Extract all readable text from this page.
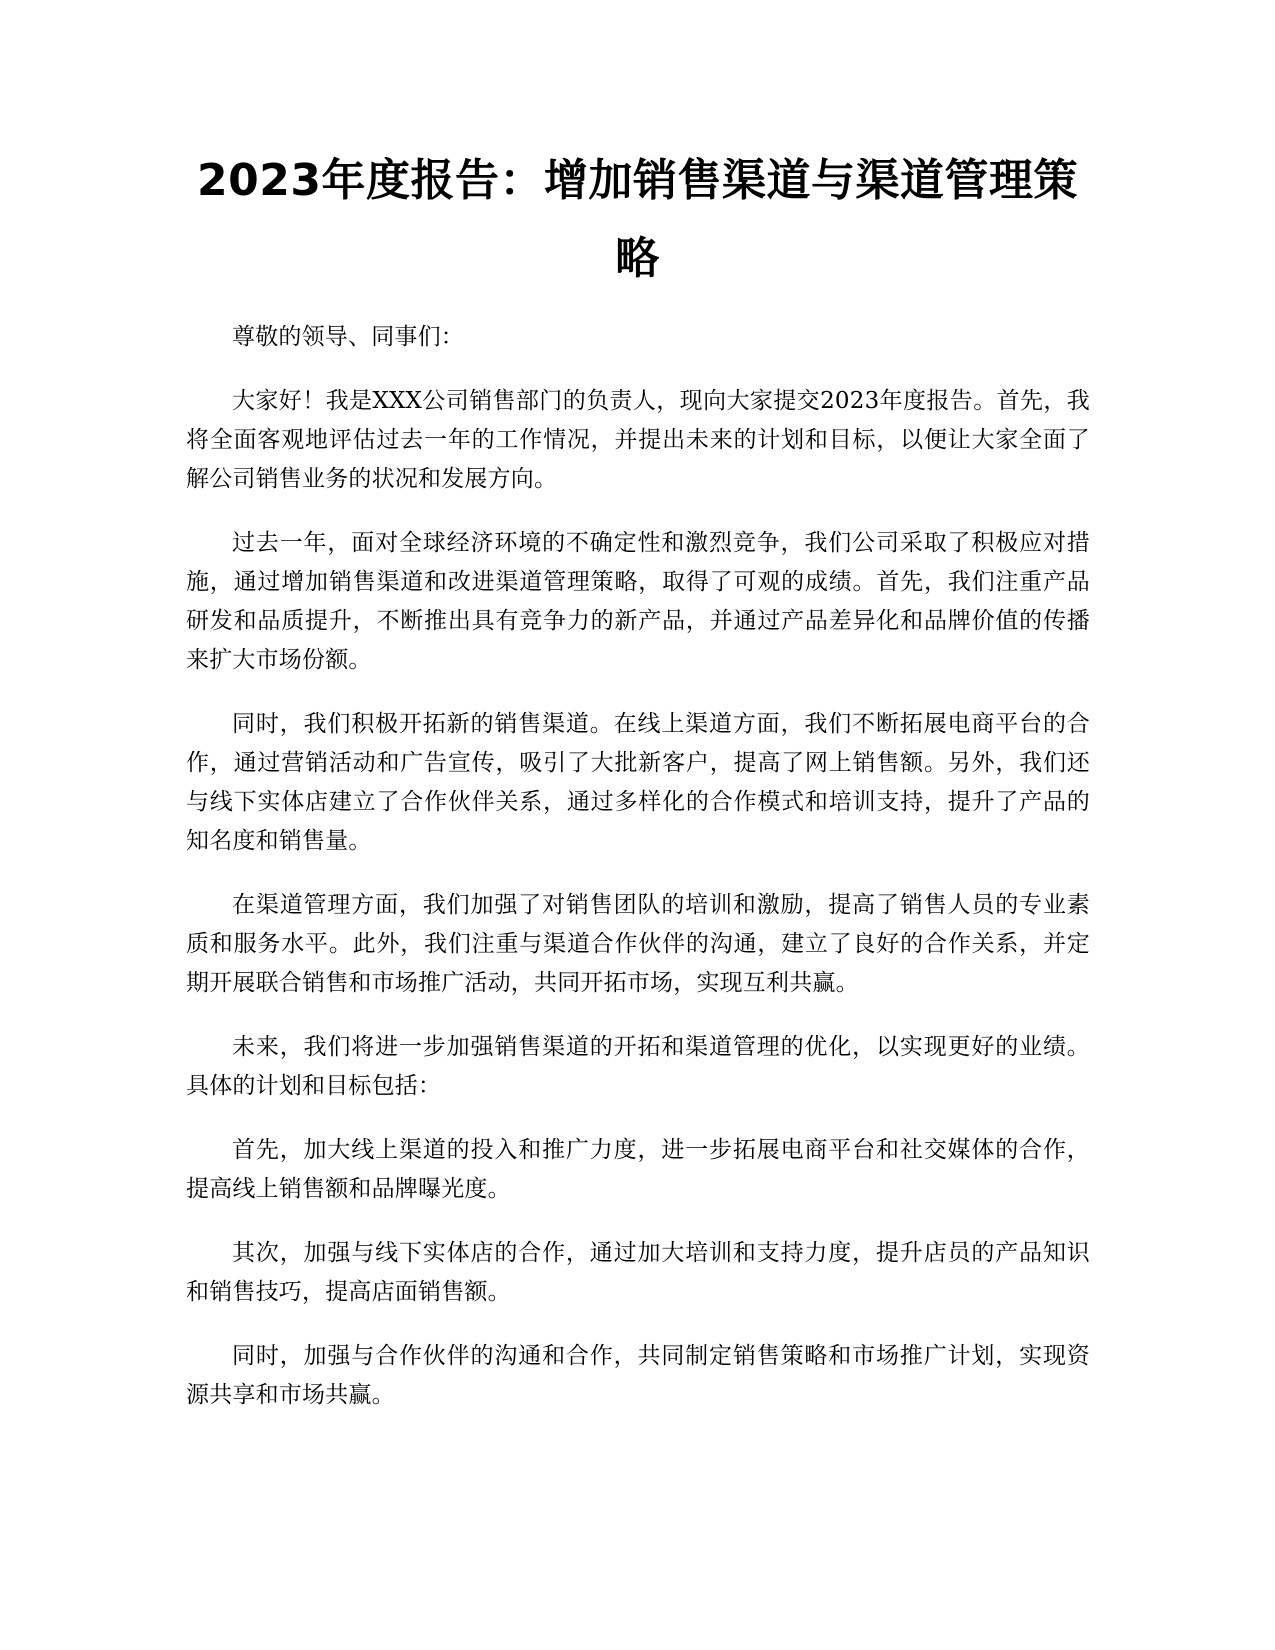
2023年度报告：增加销售渠道与渠道管理策略

尊敬的领导、同事们：

大家好！我是XXX公司销售部门的负责人，现向大家提交2023年度报告。首先，我将全面客观地评估过去一年的工作情况，并提出未来的计划和目标，以便让大家全面了解公司销售业务的状况和发展方向。

过去一年，面对全球经济环境的不确定性和激烈竞争，我们公司采取了积极应对措施，通过增加销售渠道和改进渠道管理策略，取得了可观的成绩。首先，我们注重产品研发和品质提升，不断推出具有竞争力的新产品，并通过产品差异化和品牌价值的传播来扩大市场份额。

同时，我们积极开拓新的销售渠道。在线上渠道方面，我们不断拓展电商平台的合作，通过营销活动和广告宣传，吸引了大批新客户，提高了网上销售额。另外，我们还与线下实体店建立了合作伙伴关系，通过多样化的合作模式和培训支持，提升了产品的知名度和销售量。

在渠道管理方面，我们加强了对销售团队的培训和激励，提高了销售人员的专业素质和服务水平。此外，我们注重与渠道合作伙伴的沟通，建立了良好的合作关系，并定期开展联合销售和市场推广活动，共同开拓市场，实现互利共赢。

未来，我们将进一步加强销售渠道的开拓和渠道管理的优化，以实现更好的业绩。具体的计划和目标包括：

首先，加大线上渠道的投入和推广力度，进一步拓展电商平台和社交媒体的合作，提高线上销售额和品牌曝光度。

其次，加强与线下实体店的合作，通过加大培训和支持力度，提升店员的产品知识和销售技巧，提高店面销售额。

同时，加强与合作伙伴的沟通和合作，共同制定销售策略和市场推广计划，实现资源共享和市场共赢。
